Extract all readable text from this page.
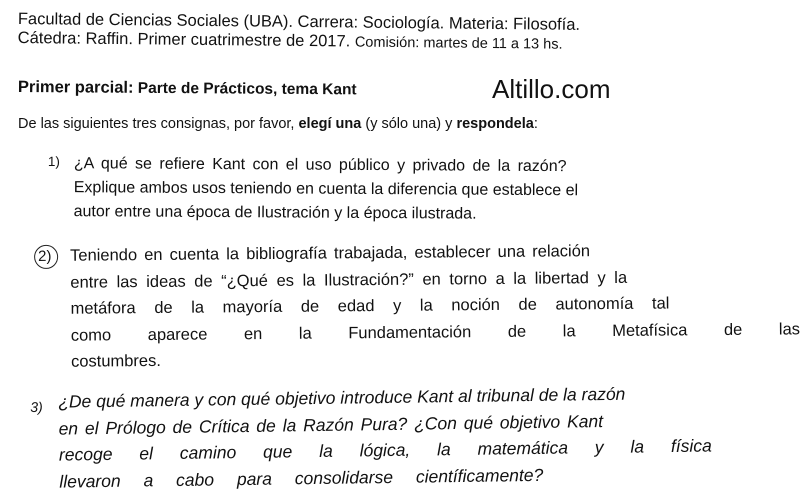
Facultad de Ciencias Sociales (UBA). Carrera: Sociología. Materia: Filosofía.
Cátedra: Raffin. Primer cuatrimestre de 2017. Comisión: martes de 11 a 13 hs.
Primer parcial: Parte de Prácticos, tema Kant	Altillo.com
De las siguientes tres consignas, por favor, elegí una (y sólo una) y respondela:
1) ¿A qué se refiere Kant con el uso público y privado de la razón?
Explique ambos usos teniendo en cuenta la diferencia que establece el
autor entre una época de Ilustración y la época ilustrada.
2) Teniendo en cuenta la bibliografía trabajada, establecer una relación
entre las ideas de “¿Qué es la Ilustración?” en torno a la libertad y la
metáfora de la mayoría de edad y la noción de autonomía tal
como aparece en la Fundamentación de la Metafísica de las
costumbres.
3) ¿De qué manera y con qué objetivo introduce Kant al tribunal de la razón
en el Prólogo de Crítica de la Razón Pura? ¿Con qué objetivo Kant
recoge el camino que la lógica, la matemática y la física
llevaron a cabo para consolidarse científicamente?
